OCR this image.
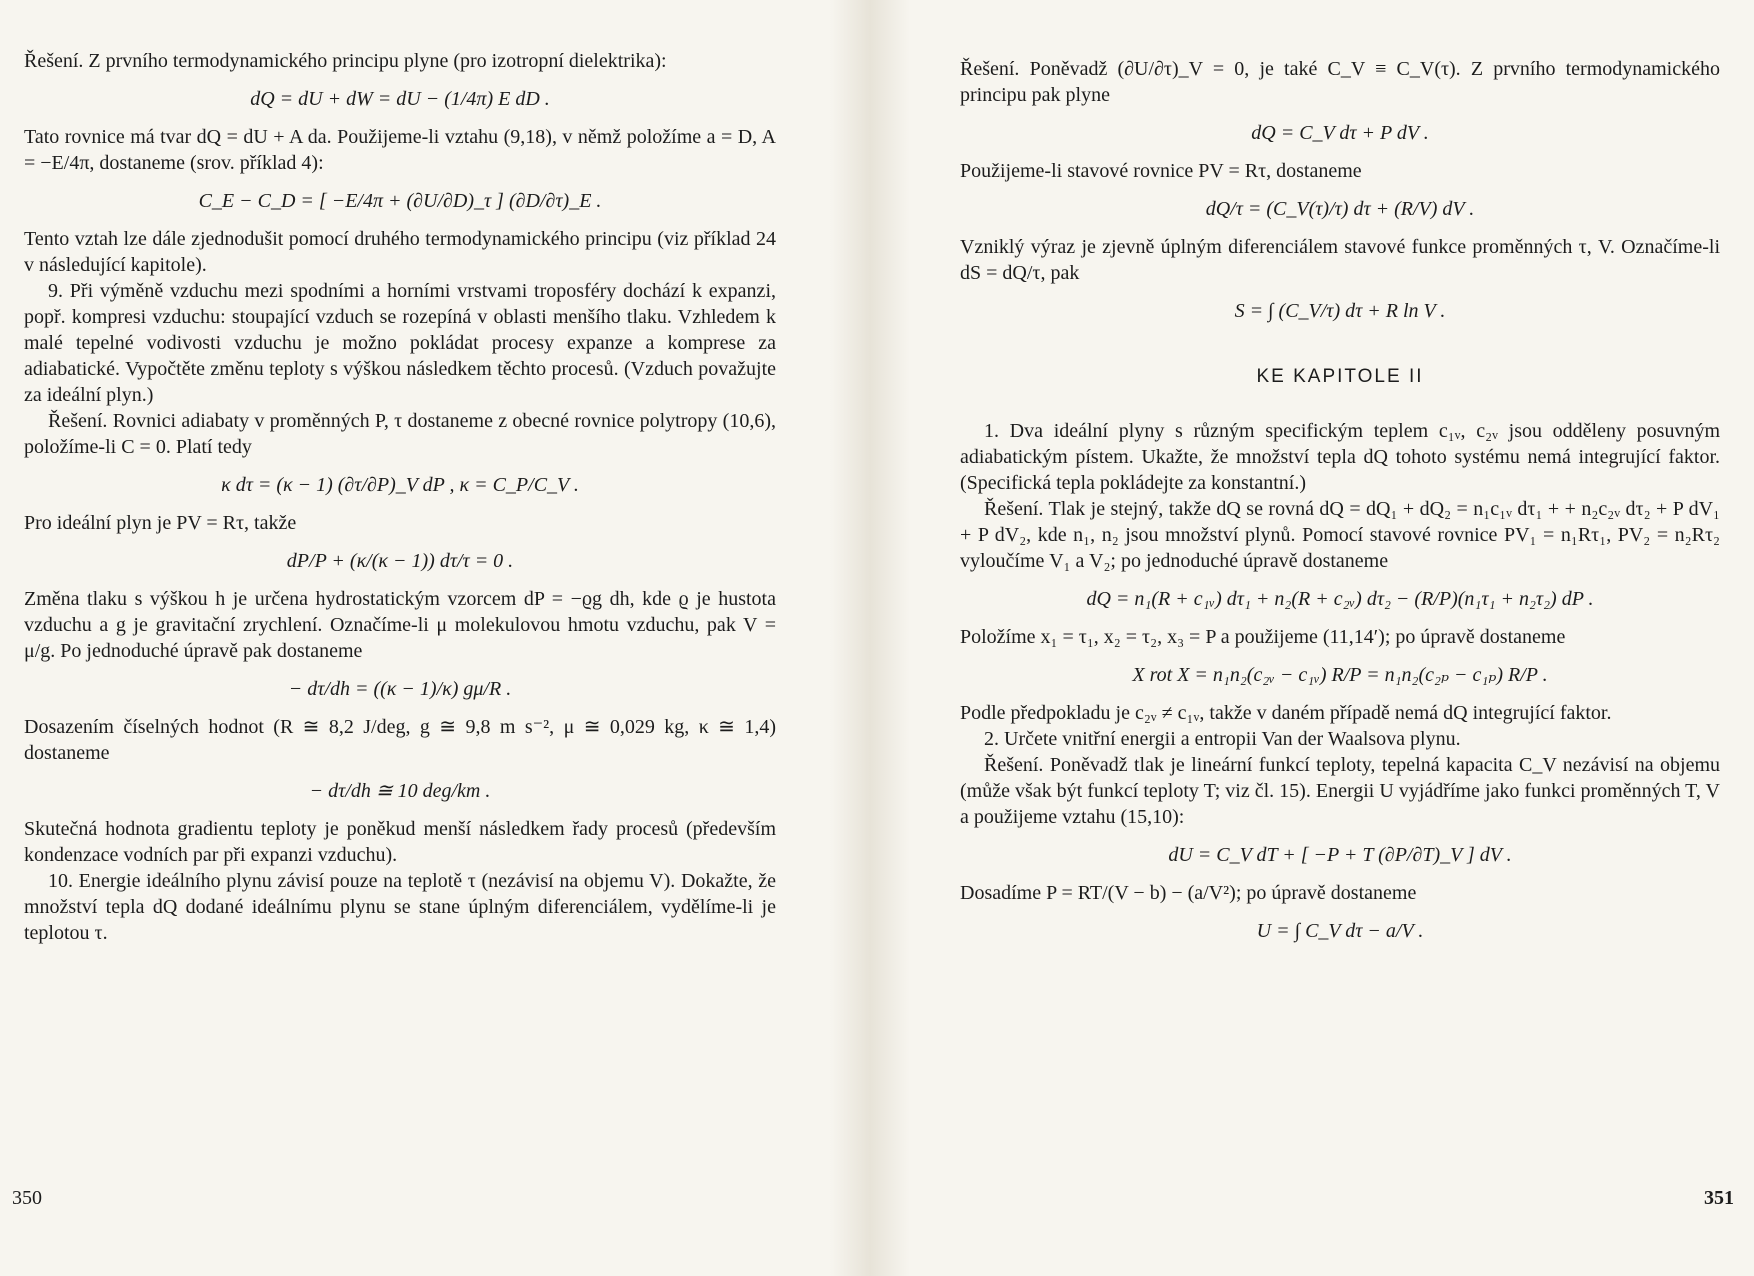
Řešení. Z prvního termodynamického principu plyne (pro izotropní dielektrika):

dQ = dU + dW = dU − (1/4π) E dD .

Tato rovnice má tvar dQ = dU + A da. Použijeme-li vztahu (9,18), v němž položíme a = D, A = −E/4π, dostaneme (srov. příklad 4):

C_E − C_D = [ −E/4π + (∂U/∂D)_τ ] (∂D/∂τ)_E .

Tento vztah lze dále zjednodušit pomocí druhého termodynamického principu (viz příklad 24 v následující kapitole).

9. Při výměně vzduchu mezi spodními a horními vrstvami troposféry dochází k expanzi, popř. kompresi vzduchu: stoupající vzduch se rozepíná v oblasti menšího tlaku. Vzhledem k malé tepelné vodivosti vzduchu je možno pokládat procesy expanze a komprese za adiabatické. Vypočtěte změnu teploty s výškou následkem těchto procesů. (Vzduch považujte za ideální plyn.)

Řešení. Rovnici adiabaty v proměnných P, τ dostaneme z obecné rovnice polytropy (10,6), položíme-li C = 0. Platí tedy

κ dτ = (κ − 1) (∂τ/∂P)_V dP , κ = C_P/C_V .

Pro ideální plyn je PV = Rτ, takže

dP/P + (κ/(κ − 1)) dτ/τ = 0 .

Změna tlaku s výškou h je určena hydrostatickým vzorcem dP = −ϱg dh, kde ϱ je hustota vzduchu a g je gravitační zrychlení. Označíme-li μ molekulovou hmotu vzduchu, pak V = μ/g. Po jednoduché úpravě pak dostaneme

− dτ/dh = ((κ − 1)/κ) gμ/R .

Dosazením číselných hodnot (R ≅ 8,2 J/deg, g ≅ 9,8 m s⁻², μ ≅ 0,029 kg, κ ≅ 1,4) dostaneme

− dτ/dh ≅ 10 deg/km .

Skutečná hodnota gradientu teploty je poněkud menší následkem řady procesů (především kondenzace vodních par při expanzi vzduchu).

10. Energie ideálního plynu závisí pouze na teplotě τ (nezávisí na objemu V). Dokažte, že množství tepla dQ dodané ideálnímu plynu se stane úplným diferenciálem, vydělíme-li je teplotou τ.

350

Řešení. Poněvadž (∂U/∂τ)_V = 0, je také C_V ≡ C_V(τ). Z prvního termodynamického principu pak plyne

dQ = C_V dτ + P dV .

Použijeme-li stavové rovnice PV = Rτ, dostaneme

dQ/τ = (C_V(τ)/τ) dτ + (R/V) dV .

Vzniklý výraz je zjevně úplným diferenciálem stavové funkce proměnných τ, V. Označíme-li dS = dQ/τ, pak

S = ∫ (C_V/τ) dτ + R ln V .
KE KAPITOLE II

1. Dva ideální plyny s různým specifickým teplem c₁ᵥ, c₂ᵥ jsou odděleny posuvným adiabatickým pístem. Ukažte, že množství tepla dQ tohoto systému nemá integrující faktor. (Specifická tepla pokládejte za konstantní.)

Řešení. Tlak je stejný, takže dQ se rovná dQ = dQ₁ + dQ₂ = n₁c₁ᵥ dτ₁ + + n₂c₂ᵥ dτ₂ + P dV₁ + P dV₂, kde n₁, n₂ jsou množství plynů. Pomocí stavové rovnice PV₁ = n₁Rτ₁, PV₂ = n₂Rτ₂ vyloučíme V₁ a V₂; po jednoduché úpravě dostaneme

dQ = n₁(R + c₁ᵥ) dτ₁ + n₂(R + c₂ᵥ) dτ₂ − (R/P)(n₁τ₁ + n₂τ₂) dP .

Položíme x₁ = τ₁, x₂ = τ₂, x₃ = P a použijeme (11,14′); po úpravě dostaneme

X rot X = n₁n₂(c₂ᵥ − c₁ᵥ) R/P = n₁n₂(c₂ₚ − c₁ₚ) R/P .

Podle předpokladu je c₂ᵥ ≠ c₁ᵥ, takže v daném případě nemá dQ integrující faktor.

2. Určete vnitřní energii a entropii Van der Waalsova plynu.

Řešení. Poněvadž tlak je lineární funkcí teploty, tepelná kapacita C_V nezávisí na objemu (může však být funkcí teploty T; viz čl. 15). Energii U vyjádříme jako funkci proměnných T, V a použijeme vztahu (15,10):

dU = C_V dT + [ −P + T (∂P/∂T)_V ] dV .

Dosadíme P = RT/(V − b) − (a/V²); po úpravě dostaneme

U = ∫ C_V dτ − a/V .
351
